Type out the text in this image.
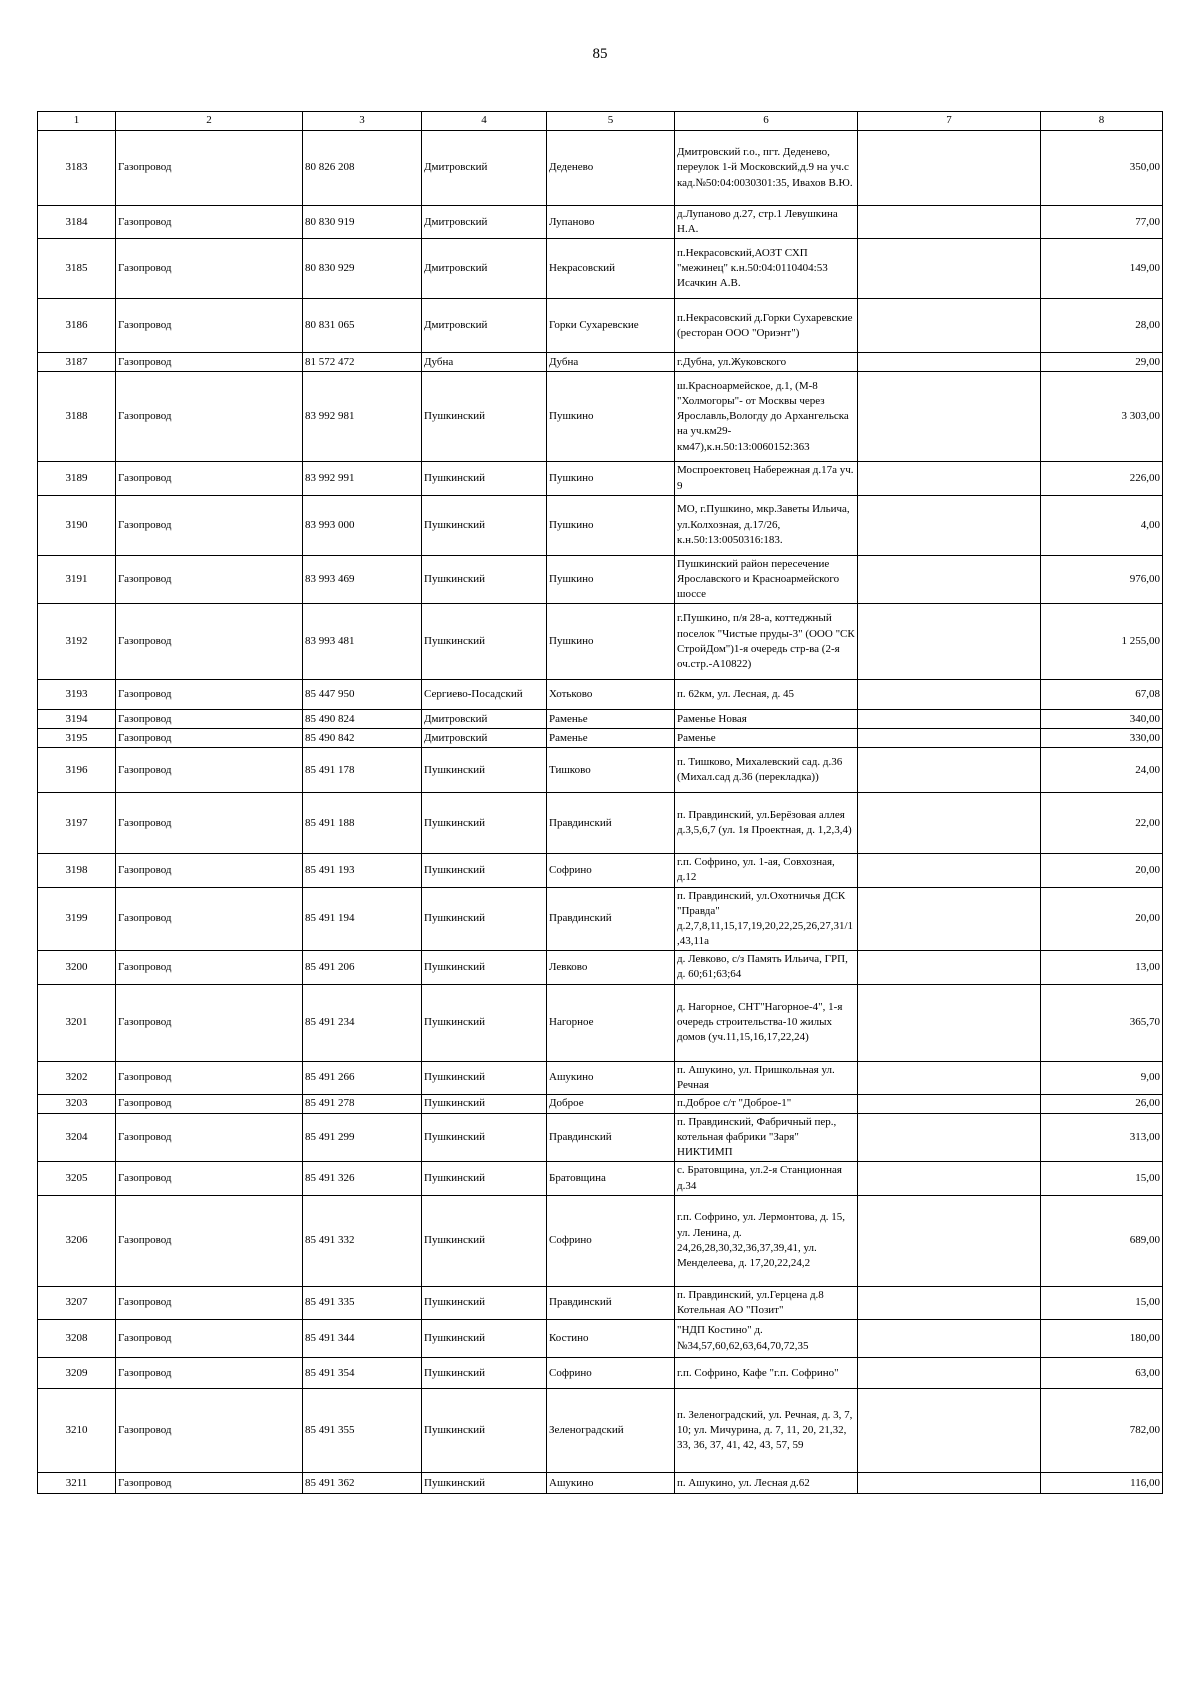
85
1	2	3	4	5	6	7	8
3183	Газопровод	80 826 208	Дмитровский	Деденево	Дмитровский г.о., пгт. Деденево, переулок 1-й Московский,д.9 на уч.с кад.№50:04:0030301:35, Ивахов В.Ю.		350,00
3184	Газопровод	80 830 919	Дмитровский	Лупаново	д.Лупаново д.27, стр.1 Левушкина Н.А.		77,00
3185	Газопровод	80 830 929	Дмитровский	Некрасовский	п.Некрасовский,АОЗТ СХП "межинец" к.н.50:04:0110404:53 Исачкин А.В.		149,00
3186	Газопровод	80 831 065	Дмитровский	Горки Сухаревские	п.Некрасовский д.Горки Сухаревские (ресторан ООО "Ориэнт")		28,00
3187	Газопровод	81 572 472	Дубна	Дубна	г.Дубна, ул.Жуковского		29,00
3188	Газопровод	83 992 981	Пушкинский	Пушкино	ш.Красноармейское, д.1, (М-8 "Холмогоры"- от Москвы через Ярославль,Вологду до Архангельска на уч.км29-км47),к.н.50:13:0060152:363		3 303,00
3189	Газопровод	83 992 991	Пушкинский	Пушкино	Моспроектовец Набережная д.17а уч. 9		226,00
3190	Газопровод	83 993 000	Пушкинский	Пушкино	МО, г.Пушкино, мкр.Заветы Ильича, ул.Колхозная, д.17/26, к.н.50:13:0050316:183.		4,00
3191	Газопровод	83 993 469	Пушкинский	Пушкино	Пушкинский район пересечение Ярославского и Красноармейского шоссе		976,00
3192	Газопровод	83 993 481	Пушкинский	Пушкино	г.Пушкино, п/я 28-а, коттеджный поселок "Чистые пруды-3" (ООО "СК СтройДом")1-я очередь стр-ва (2-я оч.стр.-А10822)		1 255,00
3193	Газопровод	85 447 950	Сергиево-Посадский	Хотьково	п. 62км, ул. Лесная, д. 45		67,08
3194	Газопровод	85 490 824	Дмитровский	Раменье	Раменье Новая		340,00
3195	Газопровод	85 490 842	Дмитровский	Раменье	Раменье		330,00
3196	Газопровод	85 491 178	Пушкинский	Тишково	п. Тишково, Михалевский сад. д.36 (Михал.сад д.36 (перекладка))		24,00
3197	Газопровод	85 491 188	Пушкинский	Правдинский	п. Правдинский, ул.Берёзовая аллея д.3,5,6,7 (ул. 1я Проектная, д. 1,2,3,4)		22,00
3198	Газопровод	85 491 193	Пушкинский	Софрино	г.п. Софрино, ул. 1-ая, Совхозная, д.12		20,00
3199	Газопровод	85 491 194	Пушкинский	Правдинский	п. Правдинский, ул.Охотничья ДСК "Правда" д.2,7,8,11,15,17,19,20,22,25,26,27,31/1,43,11а		20,00
3200	Газопровод	85 491 206	Пушкинский	Левково	д. Левково, с/з Память Ильича, ГРП, д. 60;61;63;64		13,00
3201	Газопровод	85 491 234	Пушкинский	Нагорное	д. Нагорное, СНТ"Нагорное-4", 1-я очередь строительства-10 жилых домов (уч.11,15,16,17,22,24)		365,70
3202	Газопровод	85 491 266	Пушкинский	Ашукино	п. Ашукино, ул. Пришкольная ул. Речная		9,00
3203	Газопровод	85 491 278	Пушкинский	Доброе	п.Доброе с/т "Доброе-1"		26,00
3204	Газопровод	85 491 299	Пушкинский	Правдинский	п. Правдинский, Фабричный пер., котельная фабрики "Заря" НИКТИМП		313,00
3205	Газопровод	85 491 326	Пушкинский	Братовщина	с. Братовщина, ул.2-я Станционная д.34		15,00
3206	Газопровод	85 491 332	Пушкинский	Софрино	г.п. Софрино, ул. Лермонтова, д. 15, ул. Ленина, д. 24,26,28,30,32,36,37,39,41, ул. Менделеева, д. 17,20,22,24,2		689,00
3207	Газопровод	85 491 335	Пушкинский	Правдинский	п. Правдинский, ул.Герцена д.8 Котельная АО "Позит"		15,00
3208	Газопровод	85 491 344	Пушкинский	Костино	"НДП Костино" д.№34,57,60,62,63,64,70,72,35		180,00
3209	Газопровод	85 491 354	Пушкинский	Софрино	г.п. Софрино, Кафе "г.п. Софрино"		63,00
3210	Газопровод	85 491 355	Пушкинский	Зеленоградский	п. Зеленоградский, ул. Речная, д. 3, 7, 10; ул. Мичурина, д. 7, 11, 20, 21,32, 33, 36, 37, 41, 42, 43, 57, 59		782,00
3211	Газопровод	85 491 362	Пушкинский	Ашукино	п. Ашукино, ул. Лесная д.62		116,00
